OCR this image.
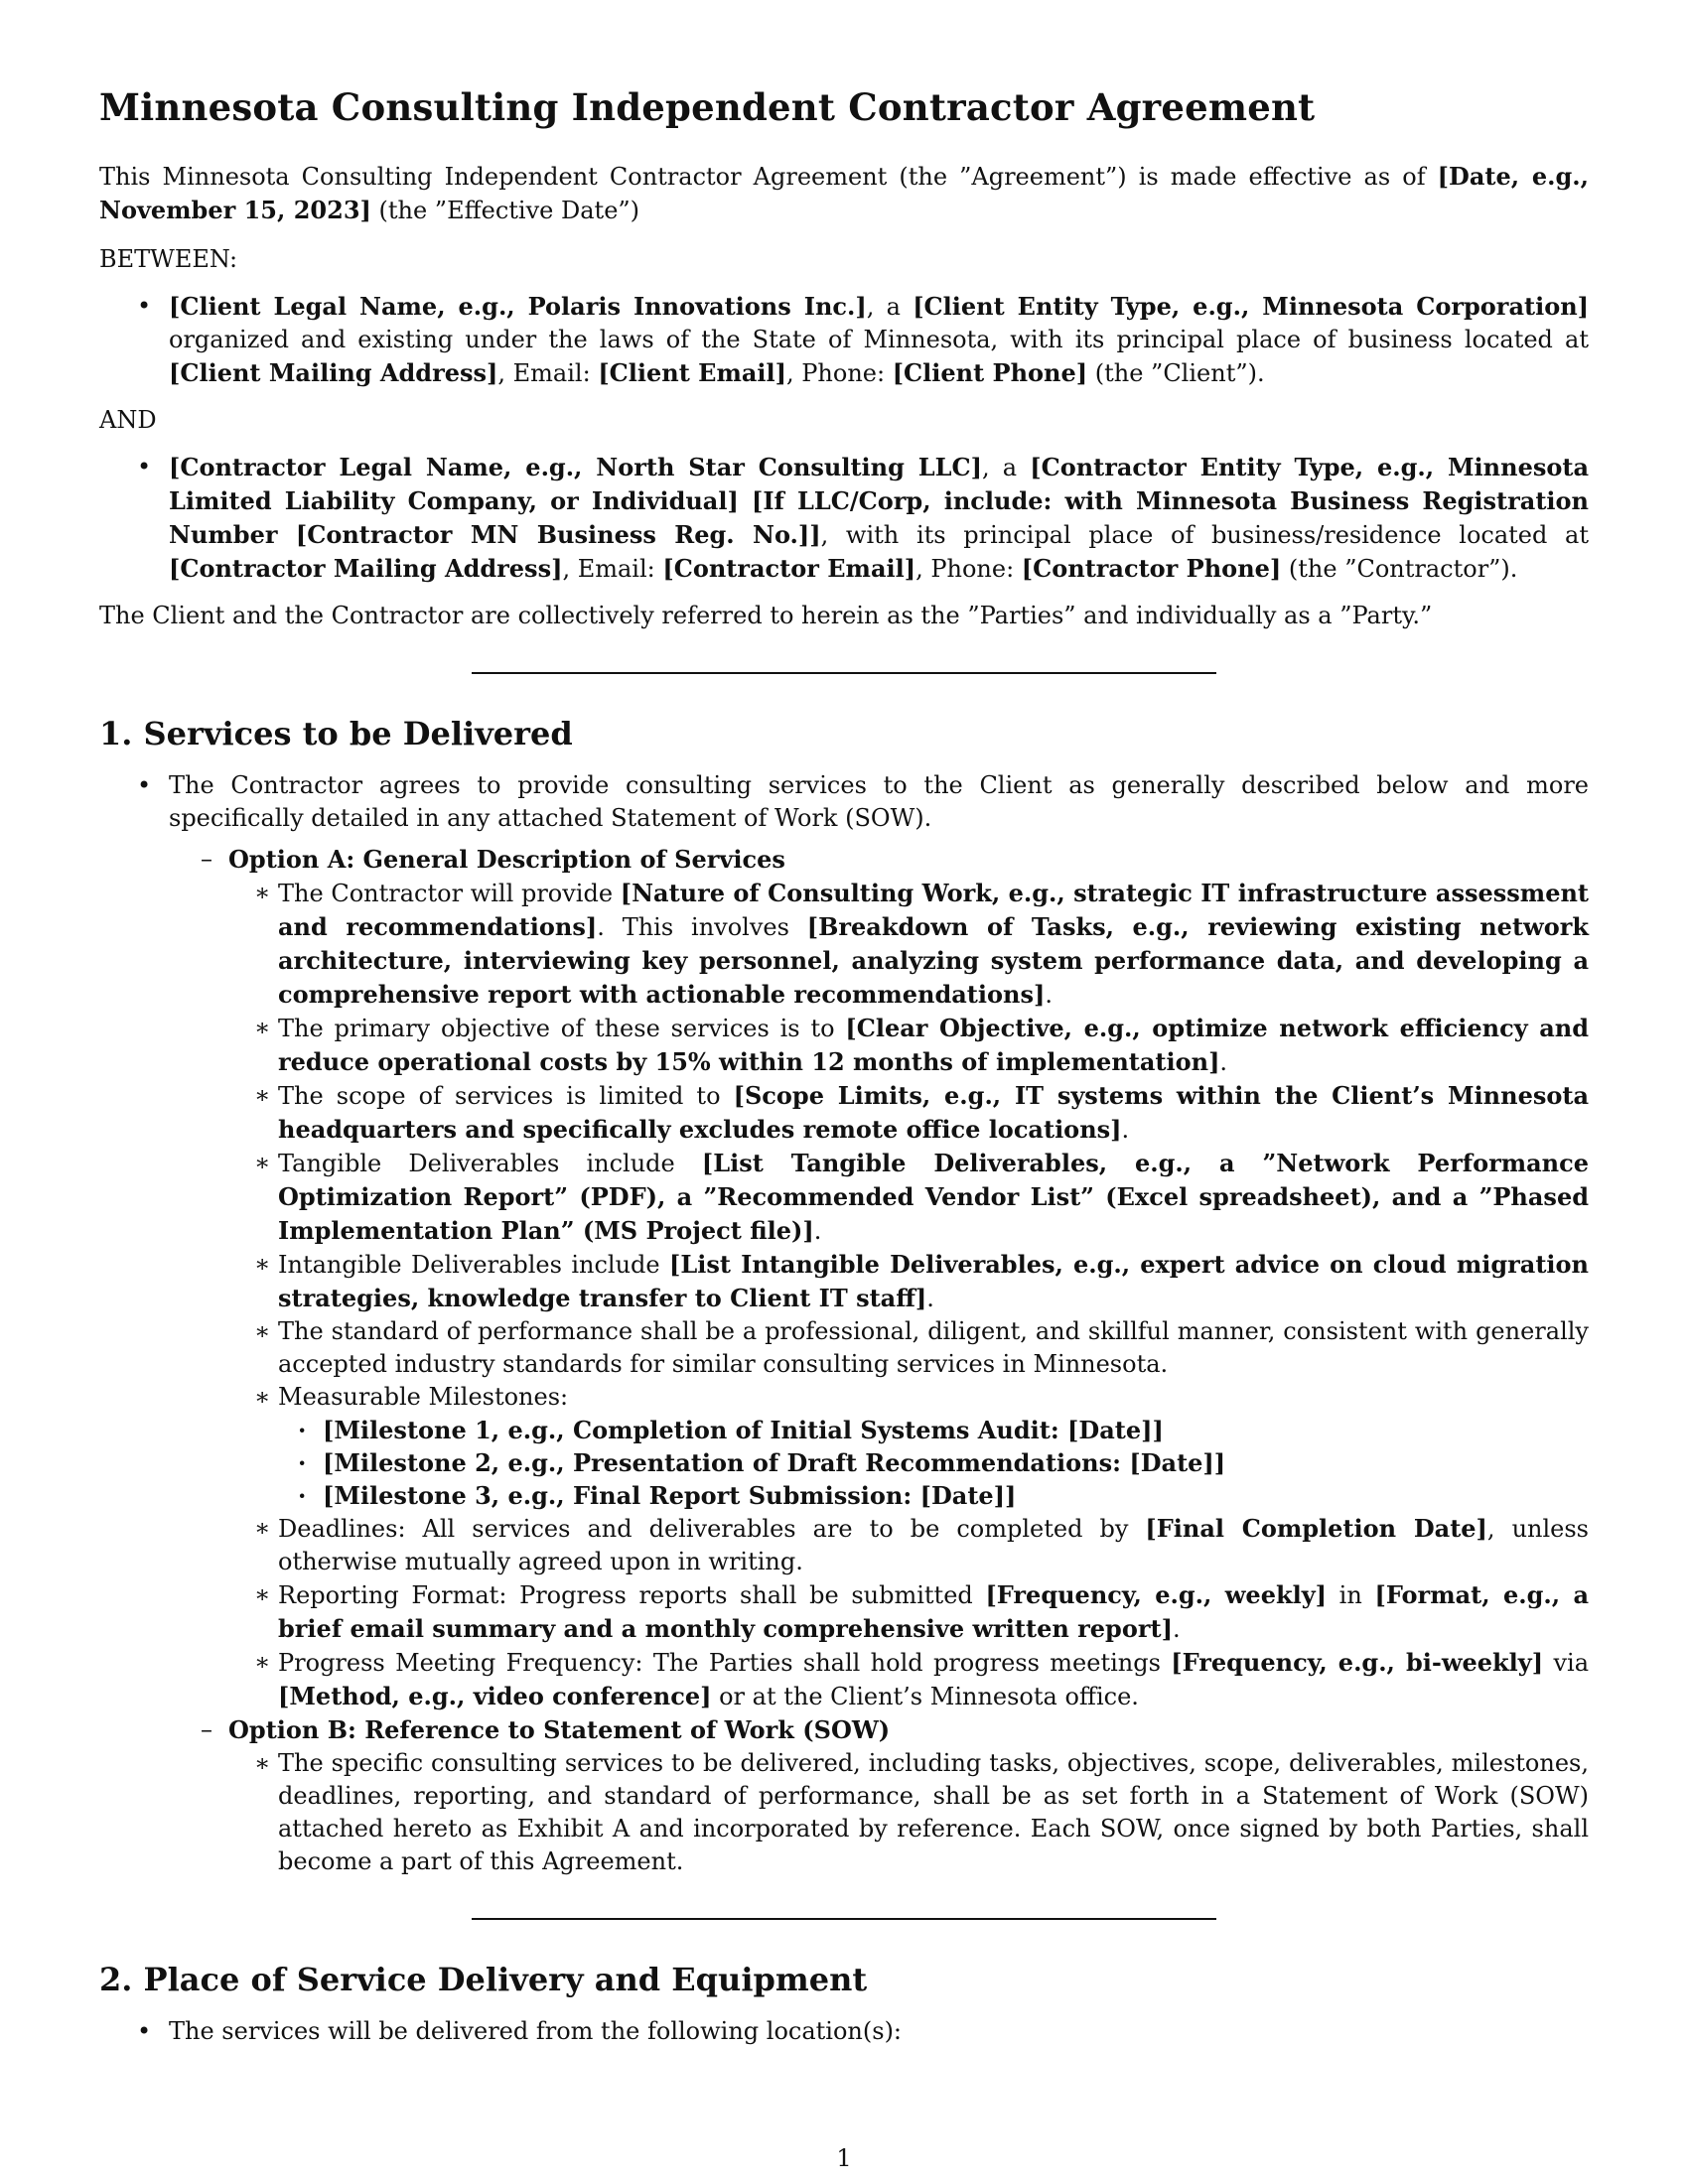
Minnesota Consulting Independent Contractor Agreement

This Minnesota Consulting Independent Contractor Agreement (the ”Agreement”) is made effective as of [Date, e.g., November 15, 2023] (the ”Effective Date”)

BETWEEN:

• [Client Legal Name, e.g., Polaris Innovations Inc.], a [Client Entity Type, e.g., Minnesota Corporation] organized and existing under the laws of the State of Minnesota, with its principal place of business located at [Client Mailing Address], Email: [Client Email], Phone: [Client Phone] (the ”Client”).

AND

• [Contractor Legal Name, e.g., North Star Consulting LLC], a [Contractor Entity Type, e.g., Minnesota Limited Liability Company, or Individual] [If LLC/Corp, include: with Minnesota Business Registration Number [Contractor MN Business Reg. No.]], with its principal place of business/residence located at [Contractor Mailing Address], Email: [Contractor Email], Phone: [Contractor Phone] (the ”Contractor”).

The Client and the Contractor are collectively referred to herein as the ”Parties” and individually as a ”Party.”

1. Services to be Delivered
• The Contractor agrees to provide consulting services to the Client as generally described below and more specifically detailed in any attached Statement of Work (SOW).
– Option A: General Description of Services
∗ The Contractor will provide [Nature of Consulting Work, e.g., strategic IT infrastructure assessment and recommendations]. This involves [Breakdown of Tasks, e.g., reviewing existing network architecture, interviewing key personnel, analyzing system performance data, and developing a comprehensive report with actionable recommendations].
∗ The primary objective of these services is to [Clear Objective, e.g., optimize network efficiency and reduce operational costs by 15% within 12 months of implementation].
∗ The scope of services is limited to [Scope Limits, e.g., IT systems within the Client’s Minnesota headquarters and specifically excludes remote office locations].
∗ Tangible Deliverables include [List Tangible Deliverables, e.g., a ”Network Performance Optimization Report” (PDF), a ”Recommended Vendor List” (Excel spreadsheet), and a ”Phased Implementation Plan” (MS Project file)].
∗ Intangible Deliverables include [List Intangible Deliverables, e.g., expert advice on cloud migration strategies, knowledge transfer to Client IT staff].
∗ The standard of performance shall be a professional, diligent, and skillful manner, consistent with generally accepted industry standards for similar consulting services in Minnesota.
∗ Measurable Milestones:
· [Milestone 1, e.g., Completion of Initial Systems Audit: [Date]]
· [Milestone 2, e.g., Presentation of Draft Recommendations: [Date]]
· [Milestone 3, e.g., Final Report Submission: [Date]]
∗ Deadlines: All services and deliverables are to be completed by [Final Completion Date], unless otherwise mutually agreed upon in writing.
∗ Reporting Format: Progress reports shall be submitted [Frequency, e.g., weekly] in [Format, e.g., a brief email summary and a monthly comprehensive written report].
∗ Progress Meeting Frequency: The Parties shall hold progress meetings [Frequency, e.g., bi-weekly] via [Method, e.g., video conference] or at the Client’s Minnesota office.
– Option B: Reference to Statement of Work (SOW)
∗ The specific consulting services to be delivered, including tasks, objectives, scope, deliverables, milestones, deadlines, reporting, and standard of performance, shall be as set forth in a Statement of Work (SOW) attached hereto as Exhibit A and incorporated by reference. Each SOW, once signed by both Parties, shall become a part of this Agreement.
2. Place of Service Delivery and Equipment
• The services will be delivered from the following location(s):
1
